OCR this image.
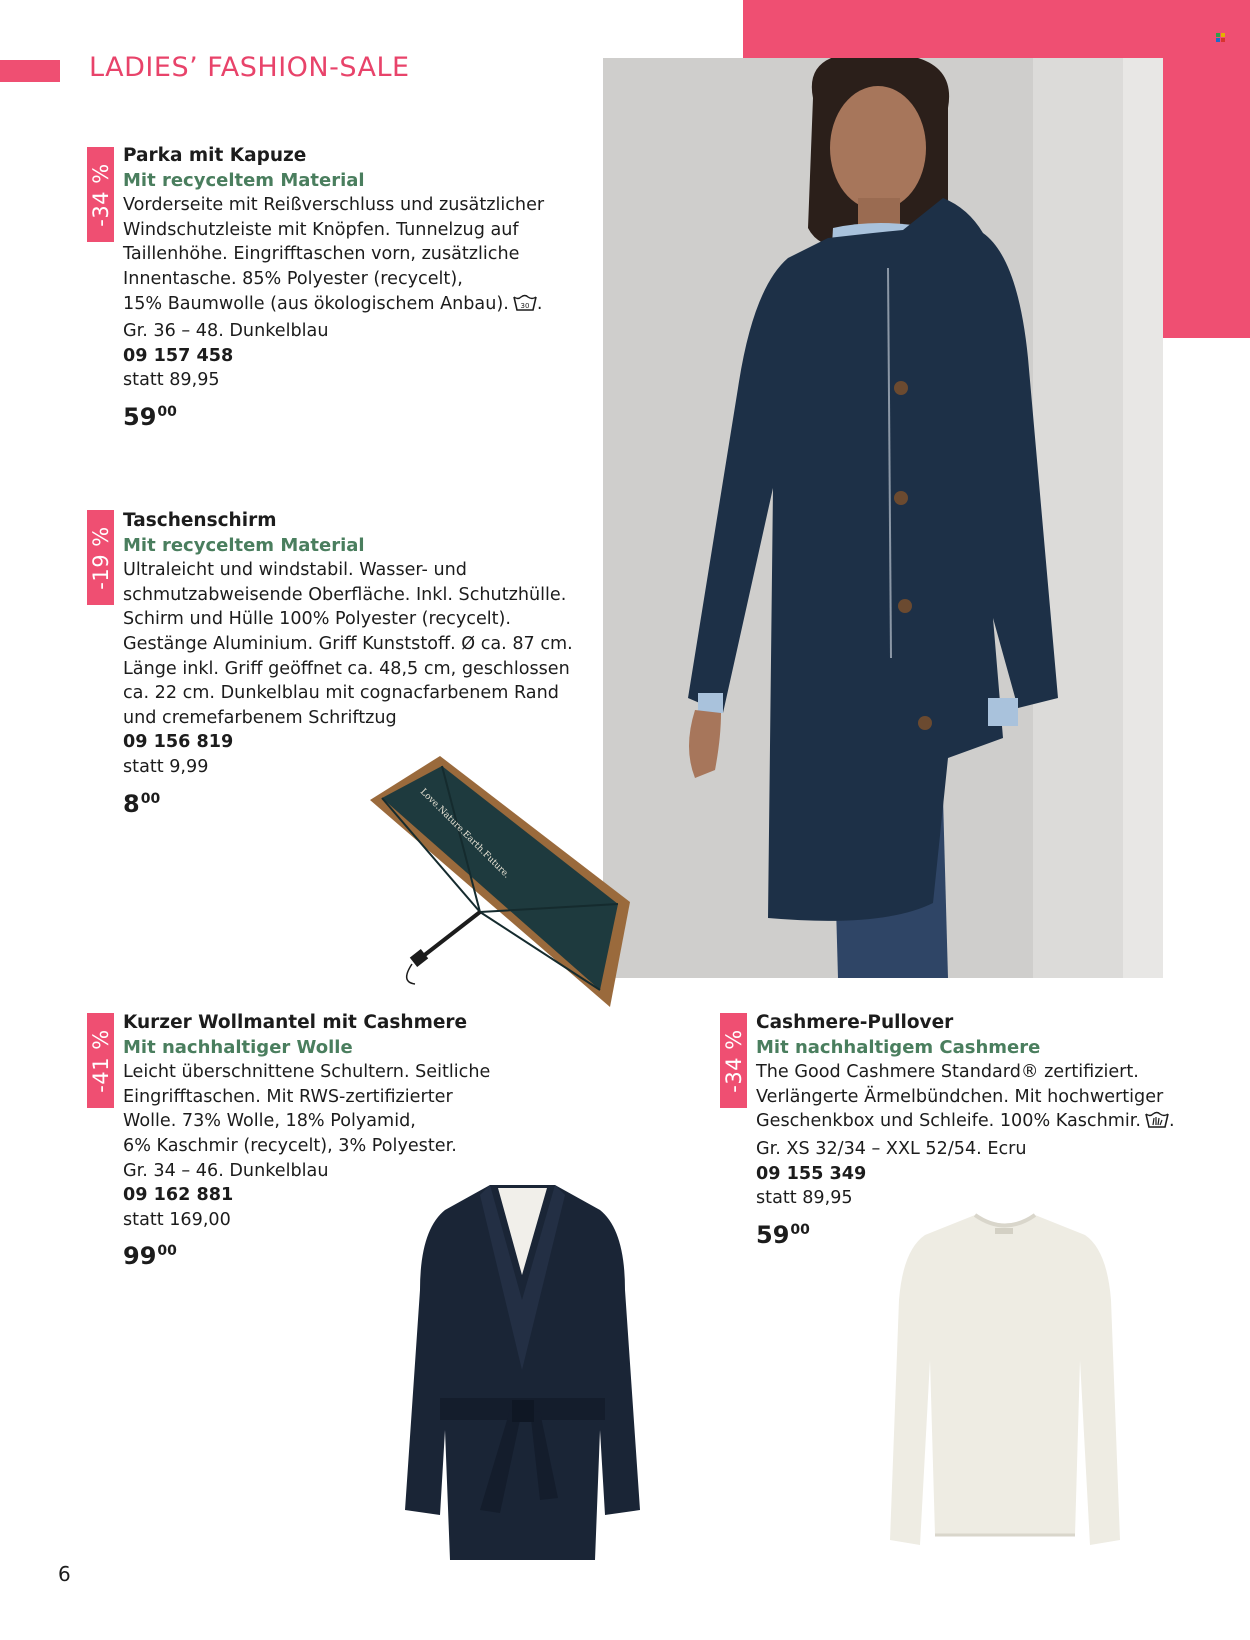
LADIES’ FASHION-SALE
-34 %
Parka mit Kapuze
Mit recyceltem Material
Vorderseite mit Reißverschluss und zusätzlicher
Windschutzleiste mit Knöpfen. Tunnelzug auf
Taillenhöhe. Eingrifftaschen vorn, zusätzliche
Innentasche. 85% Polyester (recycelt),
15% Baumwolle (aus ökologischem Anbau). 30 .
Gr. 36 – 48. Dunkelblau
09 157 458
statt 89,95
$59^{00}$
-19 %
Taschenschirm
Mit recyceltem Material
Ultraleicht und windstabil. Wasser- und
schmutzabweisende Oberfläche. Inkl. Schutzhülle.
Schirm und Hülle 100% Polyester (recycelt).
Gestänge Aluminium. Griff Kunststoff. Ø ca. 87 cm.
Länge inkl. Griff geöffnet ca. 48,5 cm, geschlossen
ca. 22 cm. Dunkelblau mit cognacfarbenem Rand
und cremefarbenem Schriftzug
09 156 819
statt 9,99
$8^{00}$	Love.Nature.Earth.Future.
-41 %
Kurzer Wollmantel mit Cashmere
Mit nachhaltiger Wolle
Leicht überschnittene Schultern. Seitliche
Eingrifftaschen. Mit RWS-zertifizierter
Wolle. 73% Wolle, 18% Polyamid,
6% Kaschmir (recycelt), 3% Polyester.
Gr. 34 – 46. Dunkelblau
09 162 881
statt 169,00
$99^{00}$
-34 %
Cashmere-Pullover
Mit nachhaltigem Cashmere
The Good Cashmere Standard® zertifiziert.
Verlängerte Ärmelbündchen. Mit hochwertiger
Geschenkbox und Schleife. 100% Kaschmir. .
Gr. XS 32/34 – XXL 52/54. Ecru
09 155 349
statt 89,95
$59^{00}$
6
